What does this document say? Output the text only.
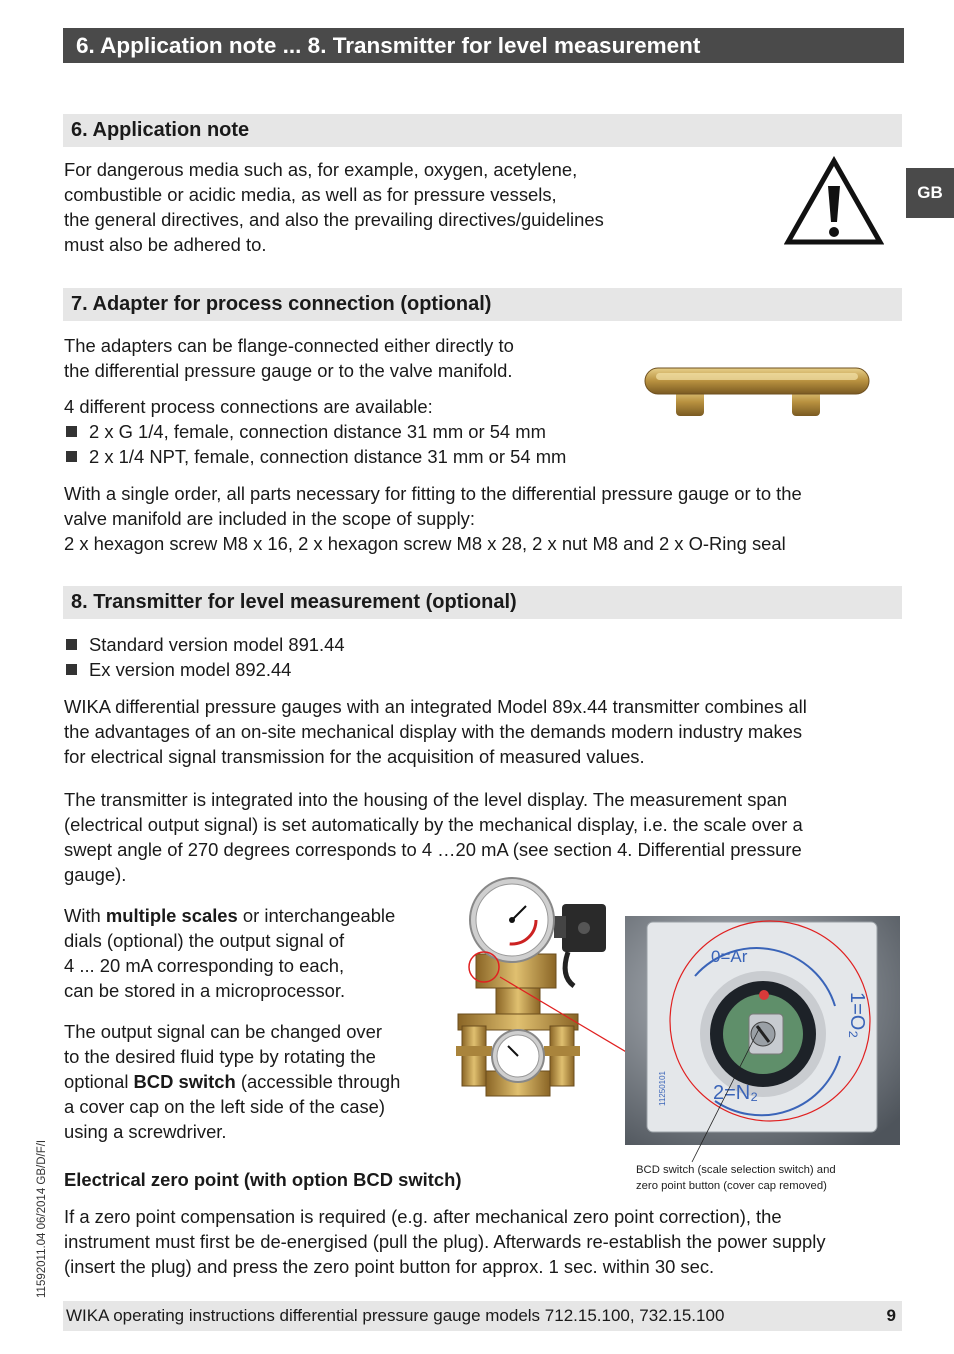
6. Application note ... 8. Transmitter for level measurement
GB
6. Application note
For dangerous media such as, for example, oxygen, acetylene,
combustible or acidic media, as well as for pressure vessels,
the general directives, and also the prevailing directives/guidelines
must also be adhered to.
7. Adapter for process connection (optional)
The adapters can be flange-connected either directly to
the differential pressure gauge or to the valve manifold.
4 different process connections are available:
2 x G 1/4, female, connection distance 31 mm or 54 mm
2 x 1/4 NPT, female, connection distance 31 mm or 54 mm
With a single order, all parts necessary for fitting to the differential pressure gauge or to the
valve manifold are included in the scope of supply:
2 x hexagon screw M8 x 16, 2 x hexagon screw M8 x 28, 2 x nut M8 and 2 x O-Ring seal
8. Transmitter for level measurement (optional)
Standard version model 891.44
Ex version model 892.44
WIKA differential pressure gauges with an integrated Model 89x.44 transmitter combines all
the advantages of an on-site mechanical display with the demands modern industry makes
for electrical signal transmission for the acquisition of measured values.
The transmitter is integrated into the housing of the level display. The measurement span
(electrical output signal) is set automatically by the mechanical display, i.e. the scale over a
swept angle of 270 degrees corresponds to 4 …20 mA (see section 4. Differential pressure
gauge).
With multiple scales or interchangeable
dials (optional) the output signal of
4 ... 20 mA corresponding to each,
can be stored in a microprocessor.
The output signal can be changed over
to the desired fluid type by rotating the
optional BCD switch (accessible through
a cover cap on the left side of the case)
using a screwdriver.
0=Ar
1=O₂
2=N₂
11250101
BCD switch (scale selection switch) and
zero point button (cover cap removed)
Electrical zero point (with option BCD switch)
If a zero point compensation is required (e.g. after mechanical zero point correction), the
instrument must first be de-energised (pull the plug). Afterwards re-establish the power supply
(insert the plug) and press the zero point button for approx. 1 sec. within 30 sec.
11592011.04 06/2014 GB/D/F/I
WIKA operating instructions differential pressure gauge models 712.15.100, 732.15.100	9
